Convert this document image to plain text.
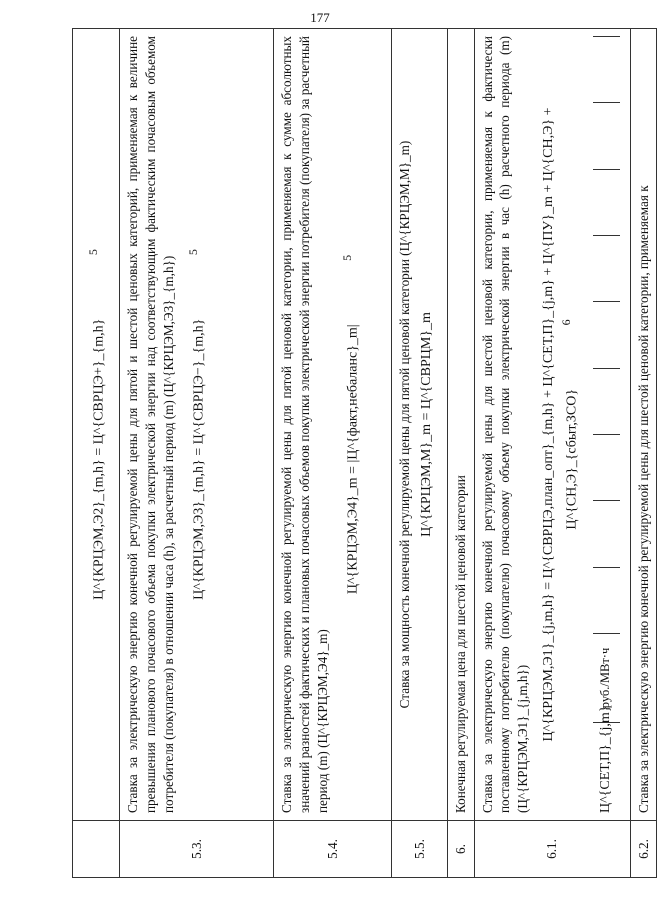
177

	Ц^{КРЦЭМ,Э2}_{m,h} = Ц^{СВРЦЭ+}_{m,h} 5

5.3.	Ставка за электрическую энергию конечной регулируемой цены для пятой и шестой ценовых категорий, применяемая к величине превышения планового почасового объема покупки электрической энергии над соответствующим фактическим почасовым объемом потребителя (покупателя) в отношении часа (h), за расчетный период (m) (Ц^{КРЦЭМ,Э3}_{m,h}) Ц^{КРЦЭМ,Э3}_{m,h} = Ц^{СВРЦЭ−}_{m,h} 5

5.4.	Ставка за электрическую энергию конечной регулируемой цены для пятой ценовой категории, применяемая к сумме абсолютных значений разностей фактических и плановых почасовых объемов покупки электрической энергии потребителя (покупателя) за расчетный период (m) (Ц^{КРЦЭМ,Э4}_m)
Ц^{КРЦЭМ,Э4}_m = |Ц^{факт,небаланс}_m| 5

5.5.	Ставка за мощность конечной регулируемой цены для пятой ценовой категории (Ц^{КРЦЭМ,М}_m) Ц^{КРЦЭМ,М}_m = Ц^{СВРЦМ}_m

6.	Конечная регулируемая цена для шестой ценовой категории

6.1.	Ставка за электрическую энергию конечной регулируемой цены для шестой ценовой категории, применяемая к фактически поставленному потребителю (покупателю) почасовому объему покупки электрической энергии в час (h) расчетного периода (m) (Ц^{КРЦЭМ,Э1}_{j,m,h}) Ц^{КРЦЭМ,Э1}_{j,m,h} = Ц^{СВРЦЭ,план_опт}_{m,h} + Ц^{СЕТ,П}_{j,m} + Ц^{ПУ}_m + Ц^{СН,Э} + Ц^{СН,Э}_{сбыт,ЗСО} 6
Ц^{СЕТ,П}_{j,m}
руб./МВт·ч

6.2.	Ставка за электрическую энергию конечной регулируемой цены для шестой ценовой категории, применяемая к
